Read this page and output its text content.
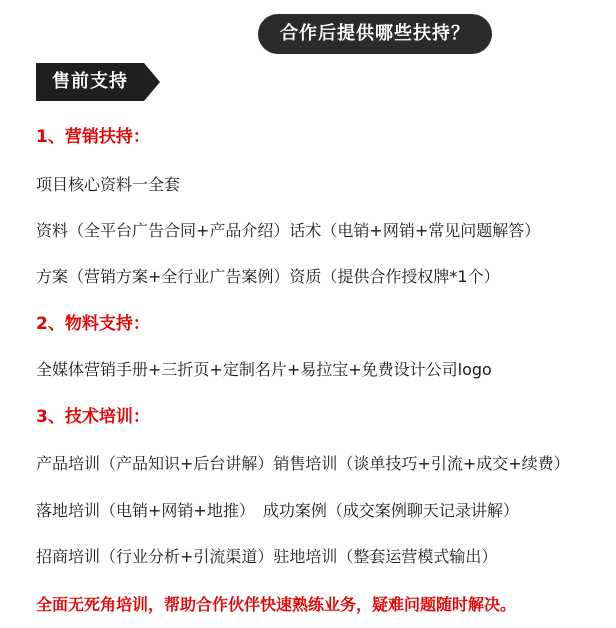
合作后提供哪些扶持？
售前支持
1、营销扶持：
项目核心资料一全套
资料（全平台广告合同+产品介绍）话术（电销+网销+常见问题解答）
方案（营销方案+全行业广告案例）资质（提供合作授权牌*1个）
2、物料支持：
全媒体营销手册+三折页+定制名片+易拉宝+免费设计公司logo
3、技术培训：
产品培训（产品知识+后台讲解）销售培训（谈单技巧+引流+成交+续费）
落地培训（电销+网销+地推）　成功案例（成交案例聊天记录讲解）
招商培训（行业分析+引流渠道）驻地培训（整套运营模式输出）
全面无死角培训，帮助合作伙伴快速熟练业务，疑难问题随时解决。
